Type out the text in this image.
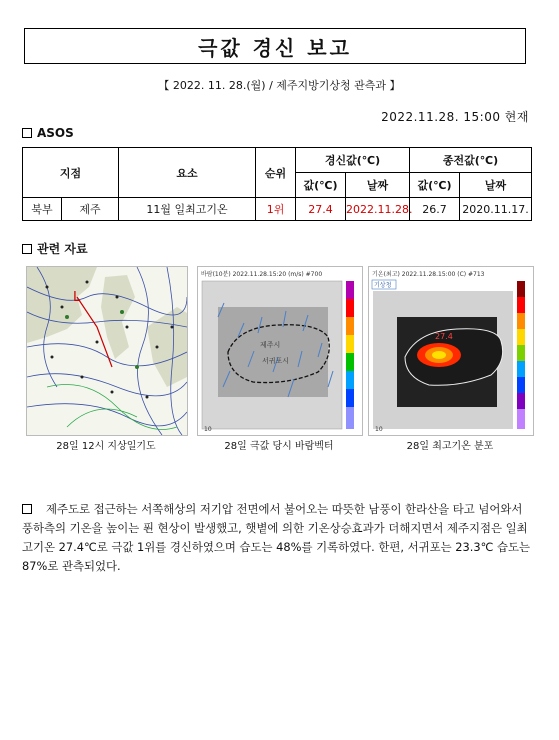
극값 경신 보고
【 2022. 11. 28.(월) / 제주지방기상청 관측과 】
2022.11.28. 15:00 현재
ASOS
지점		요소	순위	경신값(℃)		종전값(℃)	
				값(℃)	날짜	값(℃)	날짜
북부	제주	11월 일최고기온	1위	27.4	2022.11.28.	26.7	2020.11.17.
관련 자료
L
28일 12시 지상일기도
바람(10분) 2022.11.28.15:20 (m/s) #700
제주시
서귀포시
10
28일 극값 당시 바람벡터
기온(최고) 2022.11.28.15:00 (C) #713
기상청
27.4
10
28일 최고기온 분포
제주도로 접근하는 서쪽해상의 저기압 전면에서 불어오는 따뜻한 남풍이 한라산을 타고 넘어와서 풍하측의 기온을 높이는 푄 현상이 발생했고, 햇볕에 의한 기온상승효과가 더해지면서 제주지점은 일최고기온 27.4℃로 극값 1위를 경신하였으며 습도는 48%를 기록하였다. 한편, 서귀포는 23.3℃ 습도는 87%로 관측되었다.
